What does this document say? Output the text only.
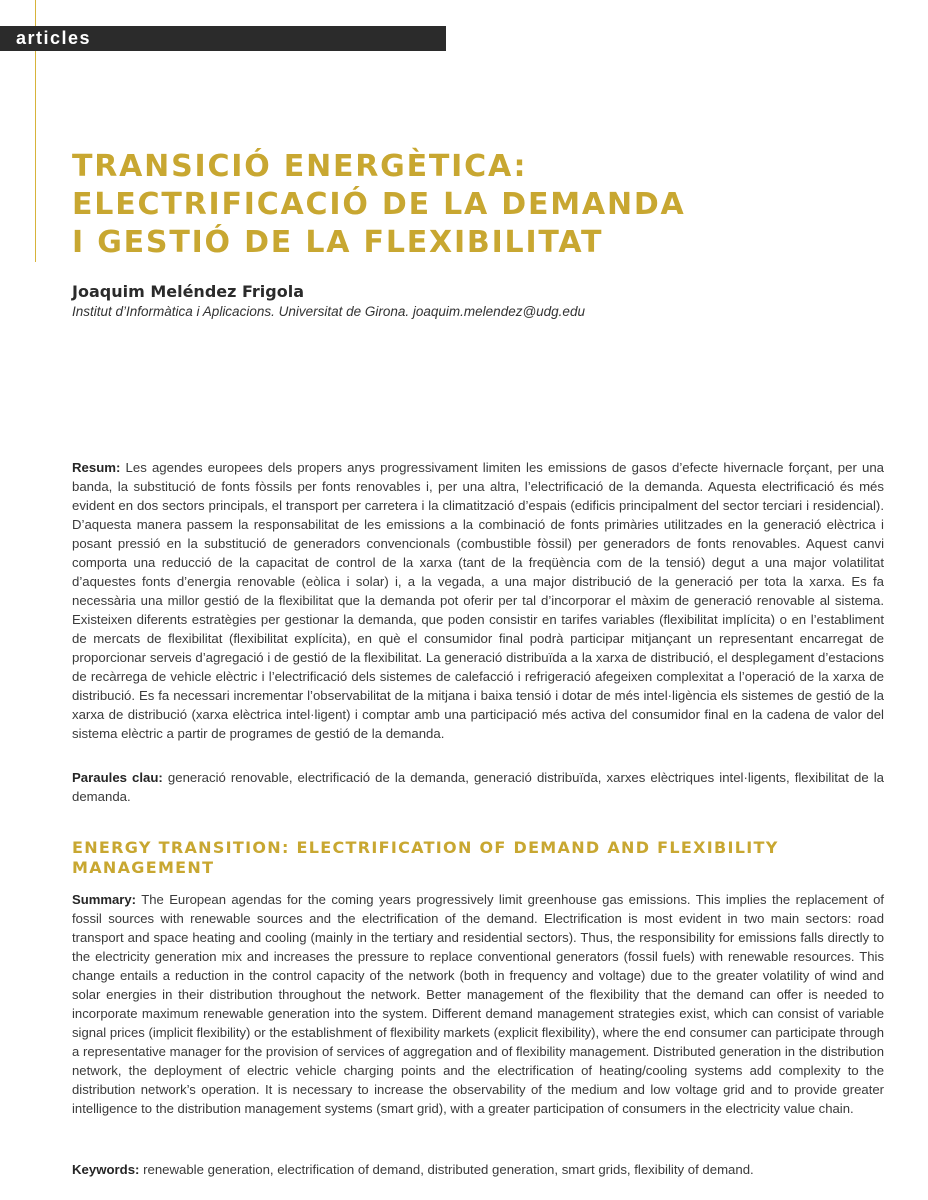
articles
TRANSICIÓ ENERGÈTICA:
ELECTRIFICACIÓ DE LA DEMANDA
I GESTIÓ DE LA FLEXIBILITAT

Joaquim Meléndez Frigola

Institut d’Informàtica i Aplicacions. Universitat de Girona. joaquim.melendez@udg.edu

Resum: Les agendes europees dels propers anys progressivament limiten les emissions de gasos d’efecte hivernacle forçant, per una banda, la substitució de fonts fòssils per fonts renovables i, per una altra, l’electrificació de la demanda. Aquesta electrificació és més evident en dos sectors principals, el transport per carretera i la climatització d’espais (edificis principalment del sector terciari i residencial). D’aquesta manera passem la responsabilitat de les emissions a la combinació de fonts primàries utilitzades en la generació elèctrica i posant pressió en la substitució de generadors convencionals (combustible fòssil) per generadors de fonts renovables. Aquest canvi comporta una reducció de la capacitat de control de la xarxa (tant de la freqüència com de la tensió) degut a una major volatilitat d’aquestes fonts d’energia renovable (eòlica i solar) i, a la vegada, a una major distribució de la generació per tota la xarxa. Es fa necessària una millor gestió de la flexibilitat que la demanda pot oferir per tal d’incorporar el màxim de generació renovable al sistema. Existeixen diferents estratègies per gestionar la demanda, que poden consistir en tarifes variables (flexibilitat implícita) o en l’establiment de mercats de flexibilitat (flexibilitat explícita), en què el consumidor final podrà participar mitjançant un representant encarregat de proporcionar serveis d’agregació i de gestió de la flexibilitat. La generació distribuïda a la xarxa de distribució, el desplegament d’estacions de recàrrega de vehicle elèctric i l’electrificació dels sistemes de calefacció i refrigeració afegeixen complexitat a l’operació de la xarxa de distribució. Es fa necessari incrementar l’observabilitat de la mitjana i baixa tensió i dotar de més intel·ligència els sistemes de gestió de la xarxa de distribució (xarxa elèctrica intel·ligent) i comptar amb una participació més activa del consumidor final en la cadena de valor del sistema elèctric a partir de programes de gestió de la demanda.

Paraules clau: generació renovable, electrificació de la demanda, generació distribuïda, xarxes elèctriques intel·ligents, flexibilitat de la demanda.

ENERGY TRANSITION: ELECTRIFICATION OF DEMAND AND FLEXIBILITY MANAGEMENT

Summary: The European agendas for the coming years progressively limit greenhouse gas emissions. This implies the replacement of fossil sources with renewable sources and the electrification of the demand. Electrification is most evident in two main sectors: road transport and space heating and cooling (mainly in the tertiary and residential sectors). Thus, the responsibility for emissions falls directly to the electricity generation mix and increases the pressure to replace conventional generators (fossil fuels) with renewable resources. This change entails a reduction in the control capacity of the network (both in frequency and voltage) due to the greater volatility of wind and solar energies in their distribution throughout the network. Better management of the flexibility that the demand can offer is needed to incorporate maximum renewable generation into the system. Different demand management strategies exist, which can consist of variable signal prices (implicit flexibility) or the establishment of flexibility markets (explicit flexibility), where the end consumer can participate through a representative manager for the provision of services of aggregation and of flexibility management. Distributed generation in the distribution network, the deployment of electric vehicle charging points and the electrification of heating/cooling systems add complexity to the distribution network’s operation. It is necessary to increase the observability of the medium and low voltage grid and to provide greater intelligence to the distribution management systems (smart grid), with a greater participation of consumers in the electricity value chain.

Keywords: renewable generation, electrification of demand, distributed generation, smart grids, flexibility of demand.
